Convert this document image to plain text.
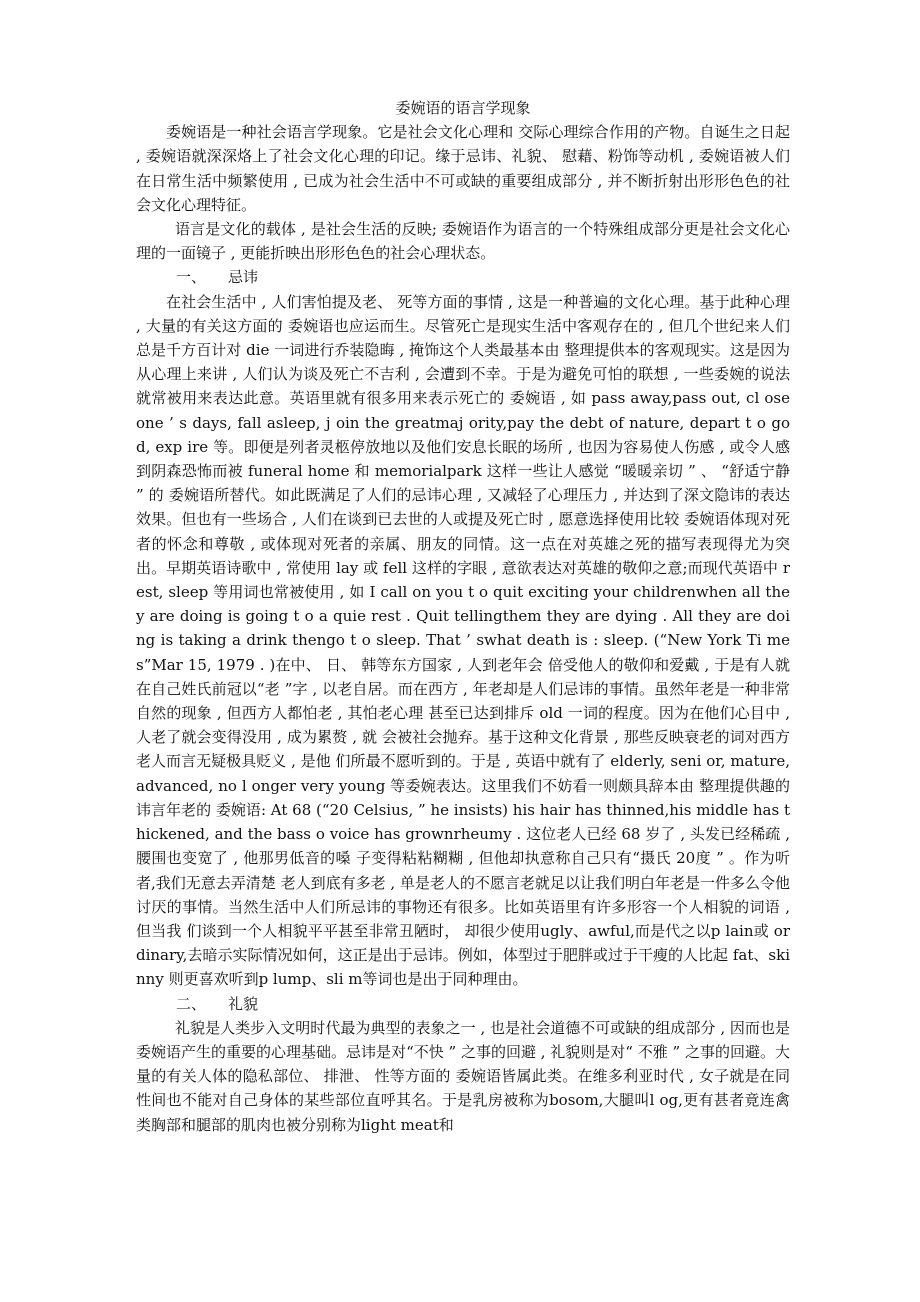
委婉语的语言学现象

委婉语是一种社会语言学现象。它是社会文化心理和 交际心理综合作用的产物。自诞生之日起 , 委婉语就深深烙上了社会文化心理的印记。缘于忌讳、礼貌、 慰藉、粉饰等动机 , 委婉语被人们在日常生活中频繁使用 , 已成为社会生活中不可或缺的重要组成部分 , 并不断折射出形形色色的社会文化心理特征。

语言是文化的载体 , 是社会生活的反映; 委婉语作为语言的一个特殊组成部分更是社会文化心理的一面镜子 , 更能折映出形形色色的社会心理状态。

一、 忌讳

在社会生活中 , 人们害怕提及老、 死等方面的事情 , 这是一种普遍的文化心理。基于此种心理 , 大量的有关这方面的 委婉语也应运而生。尽管死亡是现实生活中客观存在的 , 但几个世纪来人们总是千方百计对 die 一词进行乔装隐晦 , 掩饰这个人类最基本由 整理提供本的客观现实。这是因为从心理上来讲 , 人们认为谈及死亡不吉利 , 会遭到不幸。于是为避免可怕的联想 , 一些委婉的说法就常被用来表达此意。英语里就有很多用来表示死亡的 委婉语 , 如 pass away,pass out, cl ose one ’ s days, fall asleep, j oin the greatmaj ority,pay the debt of nature, depart t o god, exp ire 等。即便是列者灵柩停放地以及他们安息长眠的场所 , 也因为容易使人伤感 , 或令人感到阴森恐怖而被 funeral home 和 memorialpark 这样一些让人感觉 “暖暖亲切 ” 、 “舒适宁静 ” 的 委婉语所替代。如此既满足了人们的忌讳心理 , 又减轻了心理压力 , 并达到了深文隐讳的表达效果。但也有一些场合 , 人们在谈到已去世的人或提及死亡时 , 愿意选择使用比较 委婉语体现对死者的怀念和尊敬 , 或体现对死者的亲属、朋友的同情。这一点在对英雄之死的描写表现得尤为突出。早期英语诗歌中 , 常使用 lay 或 fell 这样的字眼 , 意欲表达对英雄的敬仰之意;而现代英语中 rest, sleep 等用词也常被使用 , 如 I call on you t o quit exciting your childrenwhen all they are doing is going t o a quie rest . Quit tellingthem they are dying . All they are doing is taking a drink thengo t o sleep. That ’ swhat death is : sleep. (“New York Ti mes”Mar 15, 1979 . )在中、 日、 韩等东方国家 , 人到老年会 倍受他人的敬仰和爱戴 , 于是有人就在自己姓氏前冠以“老 ”字 , 以老自居。而在西方 , 年老却是人们忌讳的事情。虽然年老是一种非常自然的现象 , 但西方人都怕老 , 其怕老心理 甚至已达到排斥 old 一词的程度。因为在他们心目中 , 人老了就会变得没用 , 成为累赘 , 就 会被社会抛弃。基于这种文化背景 , 那些反映衰老的词对西方老人而言无疑极具贬义 , 是他 们所最不愿听到的。于是 , 英语中就有了 elderly, seni or, mature, advanced, no l onger very young 等委婉表达。这里我们不妨看一则颇具辞本由 整理提供趣的讳言年老的 委婉语: At 68 (“20 Celsius, ” he insists) his hair has thinned,his middle has thickened, and the bass o voice has grownrheumy . 这位老人已经 68 岁了 , 头发已经稀疏 , 腰围也变宽了 , 他那男低音的嗓 子变得粘粘糊糊 , 但他却执意称自己只有“摄氏 20度 ” 。作为听者,我们无意去弄清楚 老人到底有多老 , 单是老人的不愿言老就足以让我们明白年老是一件多么令他讨厌的事情。当然生活中人们所忌讳的事物还有很多。比如英语里有许多形容一个人相貌的词语 , 但当我 们谈到一个人相貌平平甚至非常丑陋时， 却很少使用ugly、awful,而是代之以p lain或 ordinary,去暗示实际情况如何，这正是出于忌讳。例如，体型过于肥胖或过于干瘦的人比起 fat、skinny 则更喜欢听到p lump、sli m等词也是出于同种理由。

二、 礼貌

礼貌是人类步入文明时代最为典型的表象之一 , 也是社会道德不可或缺的组成部分 , 因而也是 委婉语产生的重要的心理基础。忌讳是对“不快 ” 之事的回避 , 礼貌则是对“ 不雅 ” 之事的回避。大量的有关人体的隐私部位、 排泄、 性等方面的 委婉语皆属此类。在维多利亚时代 , 女子就是在同性间也不能对自己身体的某些部位直呼其名。于是乳房被称为bosom,大腿叫l og,更有甚者竟连禽类胸部和腿部的肌肉也被分别称为light meat和
